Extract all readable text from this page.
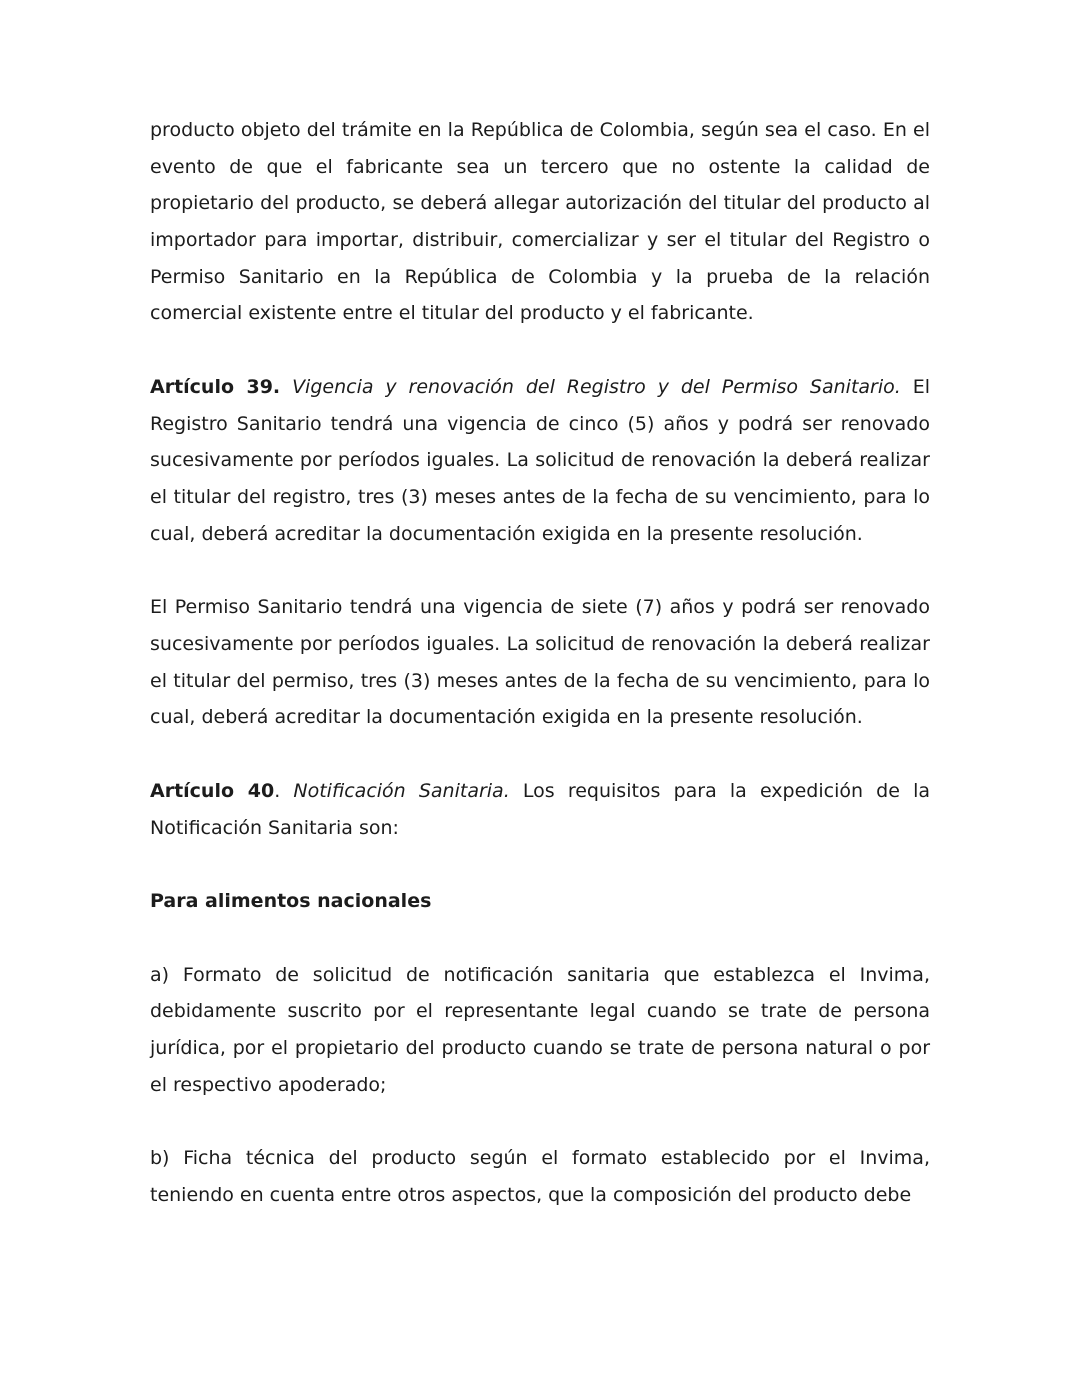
producto objeto del trámite en la República de Colombia, según sea el caso. En el evento de que el fabricante sea un tercero que no ostente la calidad de propietario del producto, se deberá allegar autorización del titular del producto al importador para importar, distribuir, comercializar y ser el titular del Registro o Permiso Sanitario en la República de Colombia y la prueba de la relación comercial existente entre el titular del producto y el fabricante.

Artículo 39. Vigencia y renovación del Registro y del Permiso Sanitario. El Registro Sanitario tendrá una vigencia de cinco (5) años y podrá ser renovado sucesivamente por períodos iguales. La solicitud de renovación la deberá realizar el titular del registro, tres (3) meses antes de la fecha de su vencimiento, para lo cual, deberá acreditar la documentación exigida en la presente resolución.

El Permiso Sanitario tendrá una vigencia de siete (7) años y podrá ser renovado sucesivamente por períodos iguales. La solicitud de renovación la deberá realizar el titular del permiso, tres (3) meses antes de la fecha de su vencimiento, para lo cual, deberá acreditar la documentación exigida en la presente resolución.

Artículo 40. Notificación Sanitaria. Los requisitos para la expedición de la Notificación Sanitaria son:

Para alimentos nacionales

a) Formato de solicitud de notificación sanitaria que establezca el Invima, debidamente suscrito por el representante legal cuando se trate de persona jurídica, por el propietario del producto cuando se trate de persona natural o por el respectivo apoderado;

b) Ficha técnica del producto según el formato establecido por el Invima, teniendo en cuenta entre otros aspectos, que la composición del producto debe
